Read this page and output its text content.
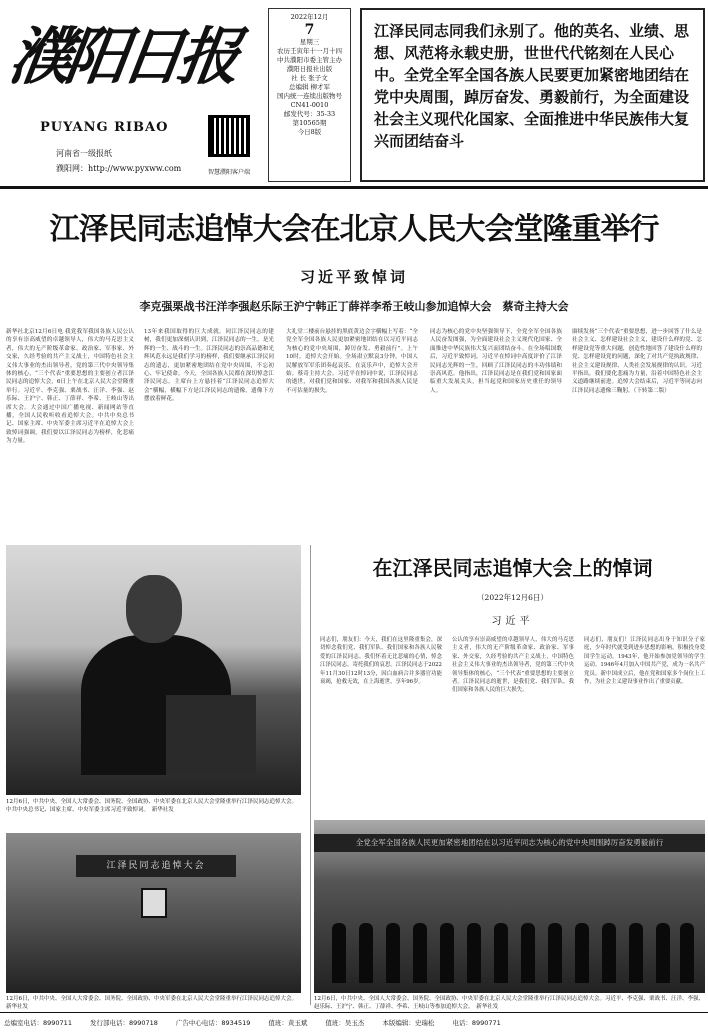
濮阳日报
PUYANG RIBAO
河南省一级报纸
濮阳网：http://www.pyxww.com	智慧濮阳客户端
2022年12月
7
星期三
农历壬寅年十一月十四
中共濮阳市委主管主办
濮阳日报社出版
社 长 张子文
总编辑 柳才军
国内统一连续出版物号
CN41-0010
邮发代号：35-33
第10565期
今日8版
江泽民同志同我们永别了。他的英名、业绩、思想、风范将永载史册，世世代代铭刻在人民心中。全党全军全国各族人民要更加紧密地团结在党中央周围，踔厉奋发、勇毅前行，为全面建设社会主义现代化国家、全面推进中华民族伟大复兴而团结奋斗
江泽民同志追悼大会在北京人民大会堂隆重举行
习近平致悼词
李克强栗战书汪洋李强赵乐际王沪宁韩正丁薛祥李希王岐山参加追悼大会　蔡奇主持大会
新华社北京12月6日电 我党我军我国各族人民公认的享有崇高威望的卓越领导人，伟大的马克思主义者，伟大的无产阶级革命家、政治家、军事家、外交家，久经考验的共产主义战士，中国特色社会主义伟大事业的杰出领导者，党的第三代中央领导集体的核心，“三个代表”重要思想的主要创立者江泽民同志的追悼大会，6日上午在北京人民大会堂隆重举行。习近平、李克强、栗战书、汪洋、李强、赵乐际、王沪宁、韩正、丁薛祥、李希、王岐山等出席大会。大会通过中国广播电视、新闻网站等直播，全国人民收听收看追悼大会。中共中央总书记、国家主席、中央军委主席习近平在追悼大会上致悼词强调，我们要以江泽民同志为榜样，化悲痛为力量。
13年来我国取得的巨大成就。同江泽民同志的建树，我们更加深刻认识到，江泽民同志的一生，是光辉的一生、战斗的一生。江泽民同志的崇高品德和光辉风范永远是我们学习的榜样，我们要继承江泽民同志的遗志，更加紧密地团结在党中央周围，不忘初心、牢记使命。今天，全国各族人民都在深切悼念江泽民同志。主席台上方悬挂着“江泽民同志追悼大会”横幅，横幅下方是江泽民同志的遗像，遗像下方摆放着鲜花。
大礼堂二楼前台悬挂的黑底黄边会字横幅上写着：“全党全军全国各族人民更加紧密地团结在以习近平同志为核心的党中央周围，踔厉奋发、勇毅前行”。上午10时，追悼大会开始。全场肃立默哀3分钟。中国人民解放军军乐团奏起哀乐。在哀乐声中，追悼大会开始。蔡奇主持大会。习近平在悼词中说，江泽民同志的逝世，对我们党和国家、对我军和我国各族人民是不可估量的损失。
同志为核心的党中央坚强领导下，全党全军全国各族人民奋发图强，为全面建设社会主义现代化国家、全面推进中华民族伟大复兴而团结奋斗。在全场唱国歌后，习近平致悼词。习近平在悼词中高度评价了江泽民同志光辉的一生，回顾了江泽民同志的丰功伟绩和崇高风范。他指出，江泽民同志是在我们党和国家面临重大发展关头，担当起党和国家历史重任的领导人。
赓续发扬“三个代表”重要思想，进一步回答了什么是社会主义、怎样建设社会主义，建设什么样的党、怎样建设党等重大问题，创造性地回答了建设什么样的党、怎样建设党的问题，深化了对共产党执政规律、社会主义建设规律、人类社会发展规律的认识。习近平指出，我们要化悲痛为力量，沿着中国特色社会主义道路继续前进。追悼大会结束后，习近平等同志向江泽民同志遗像三鞠躬。（下转第二版）
12月6日，中共中央、全国人大常委会、国务院、全国政协、中央军委在北京人民大会堂隆重举行江泽民同志追悼大会。中共中央总书记、国家主席、中央军委主席习近平致悼词。　新华社发
在江泽民同志追悼大会上的悼词
（2022年12月6日）
习近平
同志们，朋友们：今天，我们在这里隆重集会，深切悼念我们党、我们军队、我们国家和各族人民敬爱的江泽民同志。我们怀着无比悲痛的心情，悼念江泽民同志，寄托我们的哀思。江泽民同志于2022年11月30日12时13分，因白血病合并多器官功能衰竭，抢救无效，在上海逝世，享年96岁。
公认的享有崇高威望的卓越领导人，伟大的马克思主义者，伟大的无产阶级革命家、政治家、军事家、外交家，久经考验的共产主义战士，中国特色社会主义伟大事业的杰出领导者，党的第三代中央领导集体的核心，“三个代表”重要思想的主要创立者。江泽民同志的逝世，是我们党、我们军队、我们国家和各族人民的巨大损失。
同志们，朋友们！江泽民同志出身于知识分子家庭，少年时代就受到进步思想的影响，积极投身爱国学生运动。1943年，他开始参加党领导的学生运动。1946年4月加入中国共产党，成为一名共产党员。新中国成立后，他在党和国家多个岗位上工作，为社会主义建设事业作出了重要贡献。
江泽民同志追悼大会
12月6日，中共中央、全国人大常委会、国务院、全国政协、中央军委在北京人民大会堂隆重举行江泽民同志追悼大会。　新华社发
全党全军全国各族人民更加紧密地团结在以习近平同志为核心的党中央周围踔厉奋发勇毅前行
12月6日，中共中央、全国人大常委会、国务院、全国政协、中央军委在北京人民大会堂隆重举行江泽民同志追悼大会。习近平、李克强、栗战书、汪洋、李强、赵乐际、王沪宁、韩正、丁薛祥、李希、王岐山等参加追悼大会。　新华社发
总编室电话：8990711	发行部电话：8990718	广告中心电话：8934519	值班：黄玉斌	值班：吴玉杰	本版编辑：史瑞松	电话：8990771
